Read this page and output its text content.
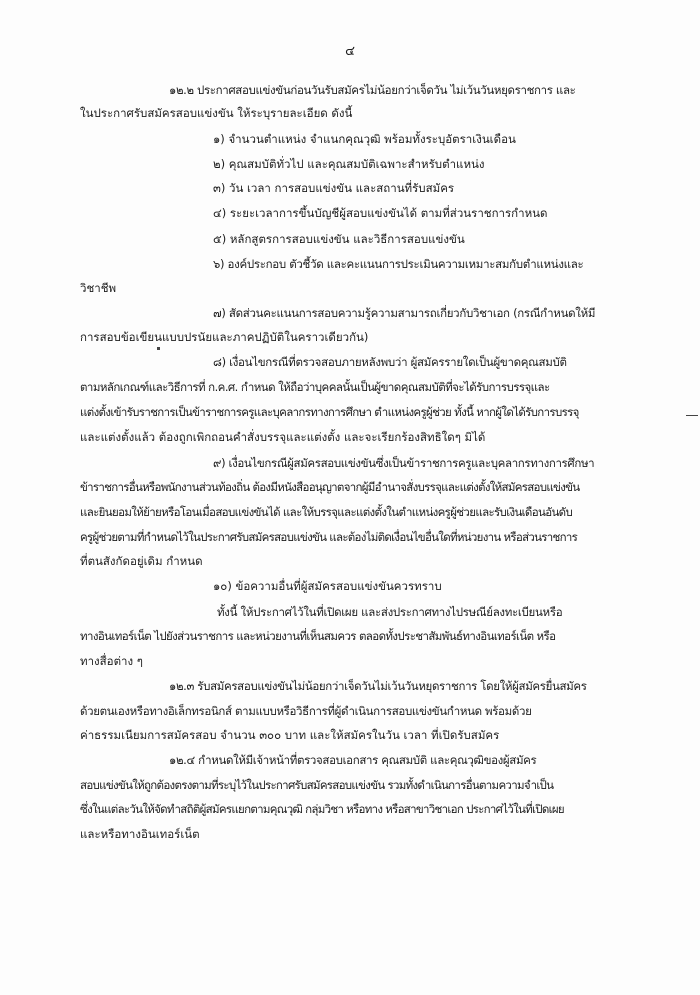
๔
๑๒.๒ ประกาศสอบแข่งขันก่อนวันรับสมัครไม่น้อยกว่าเจ็ดวัน ไม่เว้นวันหยุดราชการ และ
ในประกาศรับสมัครสอบแข่งขัน ให้ระบุรายละเอียด ดังนี้
๑) จำนวนตำแหน่ง จำแนกคุณวุฒิ พร้อมทั้งระบุอัตราเงินเดือน
๒) คุณสมบัติทั่วไป และคุณสมบัติเฉพาะสำหรับตำแหน่ง
๓) วัน เวลา การสอบแข่งขัน และสถานที่รับสมัคร
๔) ระยะเวลาการขึ้นบัญชีผู้สอบแข่งขันได้ ตามที่ส่วนราชการกำหนด
๕) หลักสูตรการสอบแข่งขัน และวิธีการสอบแข่งขัน
๖) องค์ประกอบ ตัวชี้วัด และคะแนนการประเมินความเหมาะสมกับตำแหน่งและ
วิชาชีพ
๗) สัดส่วนคะแนนการสอบความรู้ความสามารถเกี่ยวกับวิชาเอก (กรณีกำหนดให้มี
การสอบข้อเขียนแบบปรนัยและภาคปฏิบัติในคราวเดียวกัน)
๘) เงื่อนไขกรณีที่ตรวจสอบภายหลังพบว่า ผู้สมัครรายใดเป็นผู้ขาดคุณสมบัติ
ตามหลักเกณฑ์และวิธีการที่ ก.ค.ศ. กำหนด ให้ถือว่าบุคคลนั้นเป็นผู้ขาดคุณสมบัติที่จะได้รับการบรรจุและ
แต่งตั้งเข้ารับราชการเป็นข้าราชการครูและบุคลากรทางการศึกษา ตำแหน่งครูผู้ช่วย ทั้งนี้ หากผู้ใดได้รับการบรรจุ
และแต่งตั้งแล้ว ต้องถูกเพิกถอนคำสั่งบรรจุและแต่งตั้ง และจะเรียกร้องสิทธิใดๆ มิได้
๙) เงื่อนไขกรณีผู้สมัครสอบแข่งขันซึ่งเป็นข้าราชการครูและบุคลากรทางการศึกษา
ข้าราชการอื่นหรือพนักงานส่วนท้องถิ่น ต้องมีหนังสืออนุญาตจากผู้มีอำนาจสั่งบรรจุและแต่งตั้งให้สมัครสอบแข่งขัน
และยินยอมให้ย้ายหรือโอนเมื่อสอบแข่งขันได้ และให้บรรจุและแต่งตั้งในตำแหน่งครูผู้ช่วยและรับเงินเดือนอันดับ
ครูผู้ช่วยตามที่กำหนดไว้ในประกาศรับสมัครสอบแข่งขัน และต้องไม่ติดเงื่อนไขอื่นใดที่หน่วยงาน หรือส่วนราชการ
ที่ตนสังกัดอยู่เดิม กำหนด
๑๐) ข้อความอื่นที่ผู้สมัครสอบแข่งขันควรทราบ
ทั้งนี้ ให้ประกาศไว้ในที่เปิดเผย และส่งประกาศทางไปรษณีย์ลงทะเบียนหรือ
ทางอินเทอร์เน็ต ไปยังส่วนราชการ และหน่วยงานที่เห็นสมควร ตลอดทั้งประชาสัมพันธ์ทางอินเทอร์เน็ต หรือ
ทางสื่อต่าง ๆ
๑๒.๓ รับสมัครสอบแข่งขันไม่น้อยกว่าเจ็ดวันไม่เว้นวันหยุดราชการ โดยให้ผู้สมัครยื่นสมัคร
ด้วยตนเองหรือทางอิเล็กทรอนิกส์ ตามแบบหรือวิธีการที่ผู้ดำเนินการสอบแข่งขันกำหนด พร้อมด้วย
ค่าธรรมเนียมการสมัครสอบ จำนวน ๓๐๐ บาท และให้สมัครในวัน เวลา ที่เปิดรับสมัคร
๑๒.๔ กำหนดให้มีเจ้าหน้าที่ตรวจสอบเอกสาร คุณสมบัติ และคุณวุฒิของผู้สมัคร
สอบแข่งขันให้ถูกต้องตรงตามที่ระบุไว้ในประกาศรับสมัครสอบแข่งขัน รวมทั้งดำเนินการอื่นตามความจำเป็น
ซึ่งในแต่ละวันให้จัดทำสถิติผู้สมัครแยกตามคุณวุฒิ กลุ่มวิชา หรือทาง หรือสาขาวิชาเอก ประกาศไว้ในที่เปิดเผย
และหรือทางอินเทอร์เน็ต
